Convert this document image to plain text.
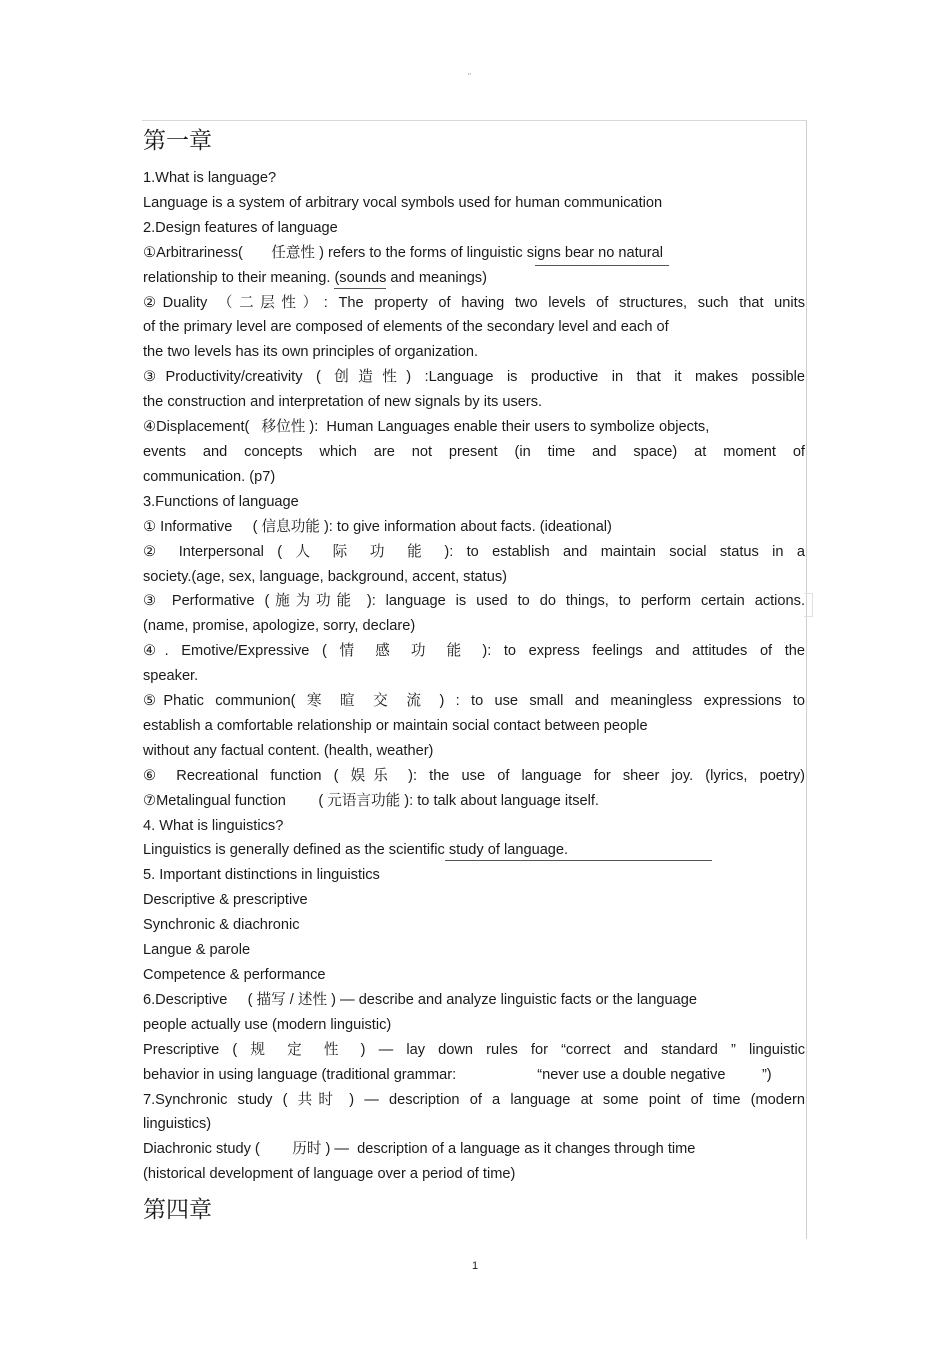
"
第一章
1.What is language?
Language is a system of arbitrary vocal symbols used for human communication
2.Design features of language
①Arbitrariness(       任意性 ) refers to the forms of linguistic signs bear no natural
relationship to their meaning. (sounds and meanings)
②Duality （二层性）: The property of having two levels of structures, such that units
of the primary level are composed of elements of the secondary level and each of
the two levels has its own principles of organization.
③Productivity/creativity ( 创造性) :Language is productive in that it makes possible
the construction and interpretation of new signals by its users.
④Displacement(   移位性 ):  Human Languages enable their users to symbolize objects,
events and concepts which are not present (in time and space) at moment of
communication. (p7)
3.Functions of language
① Informative     ( 信息功能 ): to give information about facts. (ideational)
② Interpersonal ( 人 际 功 能 ): to establish and maintain social status in a
society.(age, sex, language, background, accent, status)
③ Performative (施为功能 ): language is used to do things, to perform certain actions.
(name, promise, apologize, sorry, declare)
④. Emotive/Expressive ( 情 感 功 能 ): to express feelings and attitudes of the
speaker.
⑤Phatic communion( 寒 暄 交 流 ) : to use small and meaningless expressions to
establish a comfortable relationship or maintain social contact between people
without any factual content. (health, weather)
⑥ Recreational function ( 娱乐 ): the use of language for sheer joy. (lyrics, poetry)
⑦Metalingual function        ( 元语言功能 ): to talk about language itself.
4. What is linguistics?
Linguistics is generally defined as the scientific study of language.
5. Important distinctions in linguistics
Descriptive & prescriptive
Synchronic & diachronic
Langue & parole
Competence & performance
6.Descriptive     ( 描写 / 述性 ) — describe and analyze linguistic facts or the language
people actually use (modern linguistic)
Prescriptive ( 规 定 性 ) — lay down rules for “correct and standard ” linguistic
behavior in using language (traditional grammar:                    “never use a double negative         ”)
7.Synchronic study ( 共时 ) — description of a language at some point of time (modern
linguistics)
Diachronic study (        历时 ) —  description of a language as it changes through time
(historical development of language over a period of time)
第四章
1
